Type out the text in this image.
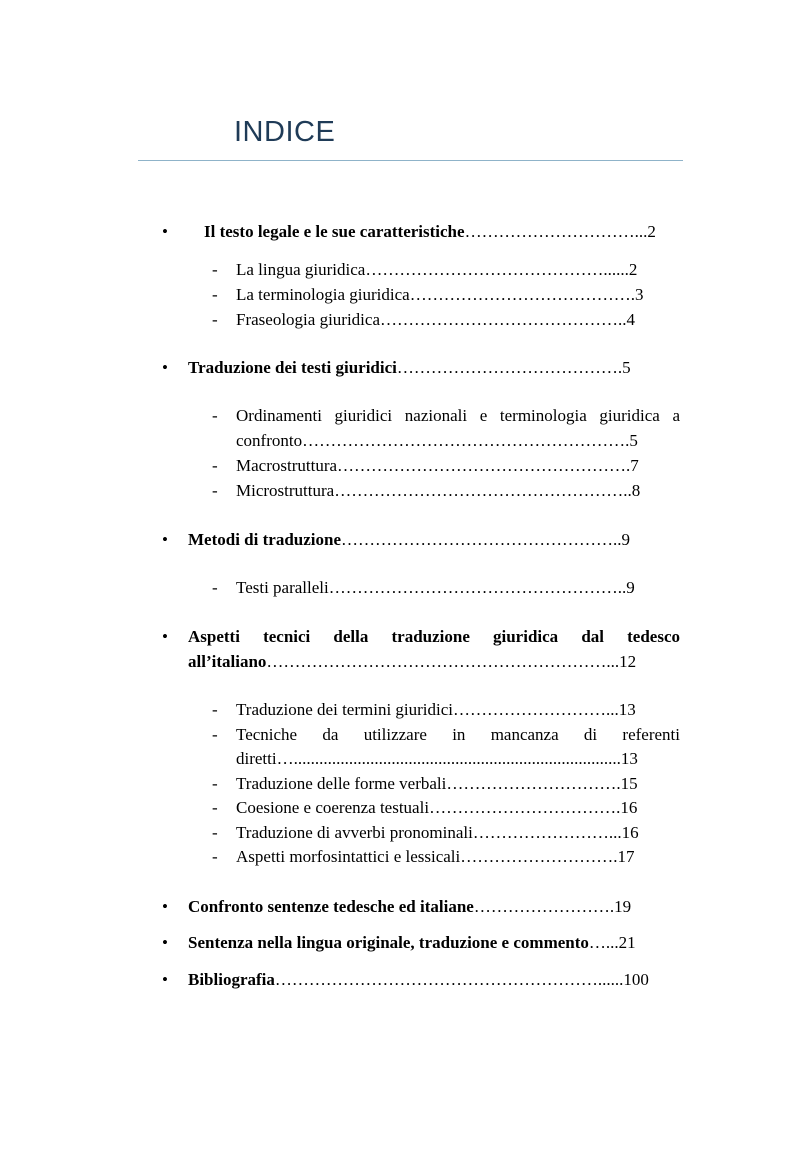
INDICE
• Il testo legale e le sue caratteristiche…………………………...2
- La lingua giuridica……………………………………......2
- La terminologia giuridica………………………………….3
- Fraseologia giuridica……………………………………..4
• Traduzione dei testi giuridici………………………………….5
- Ordinamenti giuridici nazionali e terminologia giuridica a
confronto………………………………………………….5
- Macrostruttura…………………………………………….7
- Microstruttura……………………………………………..8
• Metodi di traduzione…………………………………………..9
- Testi paralleli……………………………………………..9
• Aspetti tecnici della traduzione giuridica dal tedesco
all’italiano……………………………………………………...12
- Traduzione dei termini giuridici………………………...13
- Tecniche da utilizzare in mancanza di referenti
diretti….............................................................................13
- Traduzione delle forme verbali………………………….15
- Coesione e coerenza testuali…………………………….16
- Traduzione di avverbi pronominali……………………...16
- Aspetti morfosintattici e lessicali……………………….17
• Confronto sentenze tedesche ed italiane…………………….19
• Sentenza nella lingua originale, traduzione e commento…...21
• Bibliografia…………………………………………………......100
